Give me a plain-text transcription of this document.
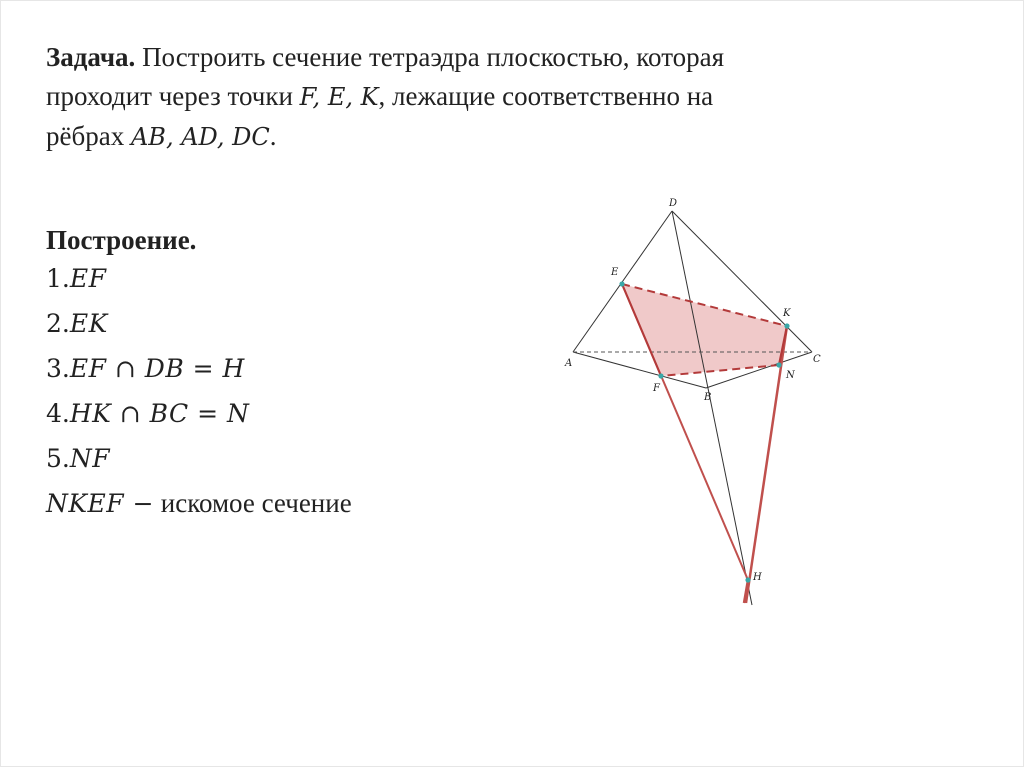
Задача. Построить сечение тетраэдра плоскостью, которая
проходит через точки F, E, K, лежащие соответственно на
рёбрах AB, AD, DC.
Построение.
1.EF
2.EK
3.EF ∩ DB = H
4.HK ∩ BC = N
5.NF
NKEF − искомое сечение
D
E
K
A	C
F
N
B
H
